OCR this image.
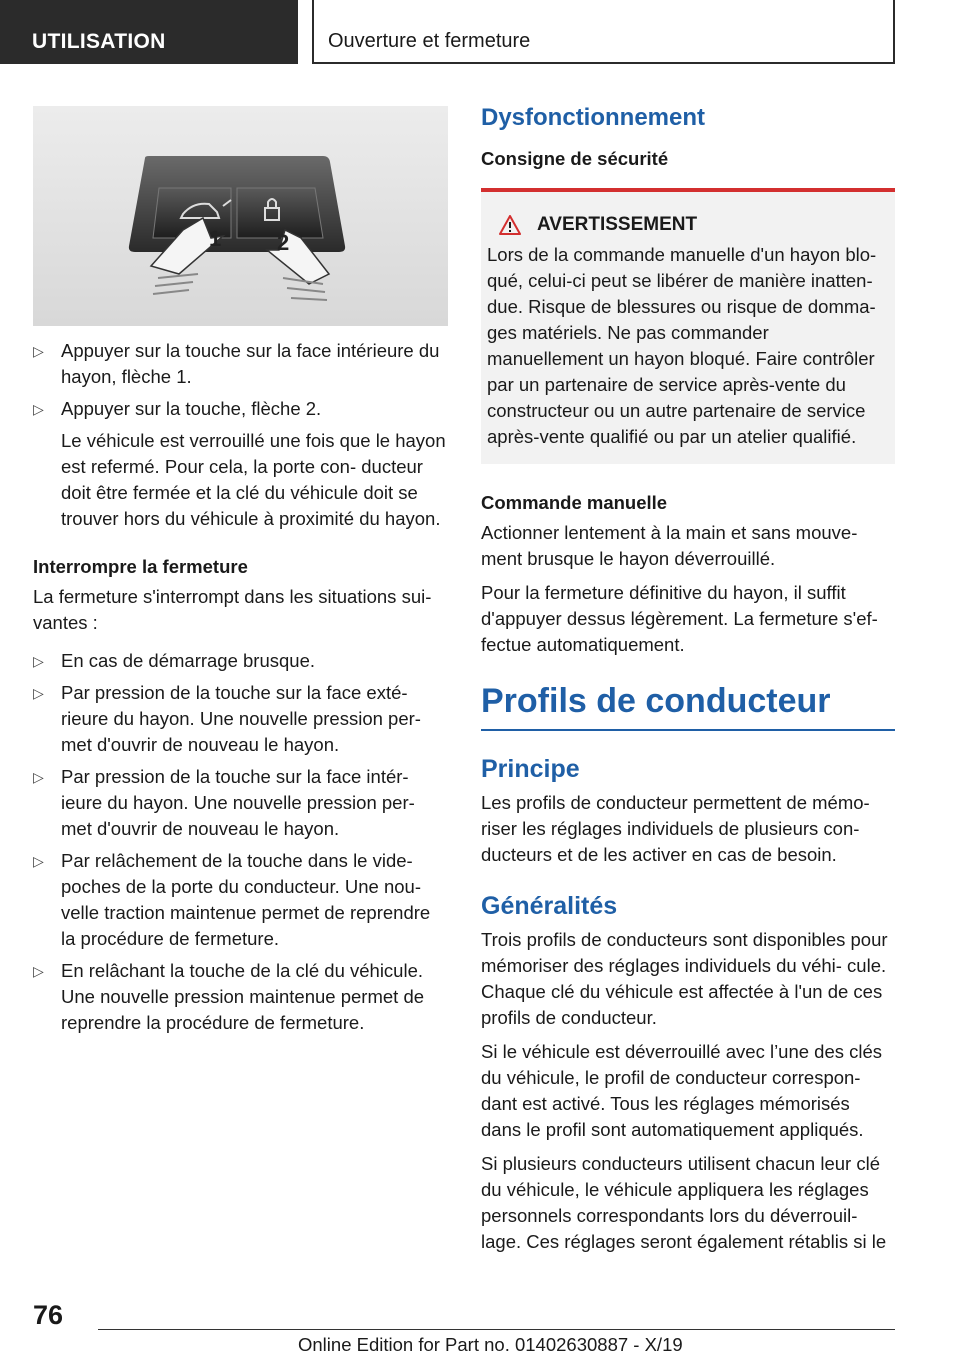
UTILISATION	Ouverture et fermeture
1	2
▷ Appuyer sur la touche sur la face intérieure du hayon, flèche 1.
▷ Appuyer sur la touche, flèche 2.
Le véhicule est verrouillé une fois que le hayon est refermé. Pour cela, la porte con- ducteur doit être fermée et la clé du véhicule doit se trouver hors du véhicule à proximité du hayon.
Interrompre la fermeture

La fermeture s'interrompt dans les situations sui- vantes :

▷ En cas de démarrage brusque.
▷ Par pression de la touche sur la face exté- rieure du hayon. Une nouvelle pression per- met d'ouvrir de nouveau le hayon.
▷ Par pression de la touche sur la face intér- ieure du hayon. Une nouvelle pression per- met d'ouvrir de nouveau le hayon.
▷ Par relâchement de la touche dans le vide- poches de la porte du conducteur. Une nou- velle traction maintenue permet de reprendre la procédure de fermeture.
▷ En relâchant la touche de la clé du véhicule. Une nouvelle pression maintenue permet de reprendre la procédure de fermeture.
Dysfonctionnement
Consigne de sécurité
AVERTISSEMENT
Lors de la commande manuelle d'un hayon blo- qué, celui-ci peut se libérer de manière inatten- due. Risque de blessures ou risque de domma- ges matériels. Ne pas commander manuellement un hayon bloqué. Faire contrôler par un partenaire de service après-vente du constructeur ou un autre partenaire de service après-vente qualifié ou par un atelier qualifié.
Commande manuelle

Actionner lentement à la main et sans mouve- ment brusque le hayon déverrouillé.

Pour la fermeture définitive du hayon, il suffit d'appuyer dessus légèrement. La fermeture s'ef- fectue automatiquement.

Profils de conducteur
Principe

Les profils de conducteur permettent de mémo- riser les réglages individuels de plusieurs con- ducteurs et de les activer en cas de besoin.

Généralités

Trois profils de conducteurs sont disponibles pour mémoriser des réglages individuels du véhi- cule. Chaque clé du véhicule est affectée à l'un de ces profils de conducteur.

Si le véhicule est déverrouillé avec l’une des clés du véhicule, le profil de conducteur correspon- dant est activé. Tous les réglages mémorisés dans le profil sont automatiquement appliqués.

Si plusieurs conducteurs utilisent chacun leur clé du véhicule, le véhicule appliquera les réglages personnels correspondants lors du déverrouil- lage. Ces réglages seront également rétablis si le

76
Online Edition for Part no. 01402630887 - X/19
